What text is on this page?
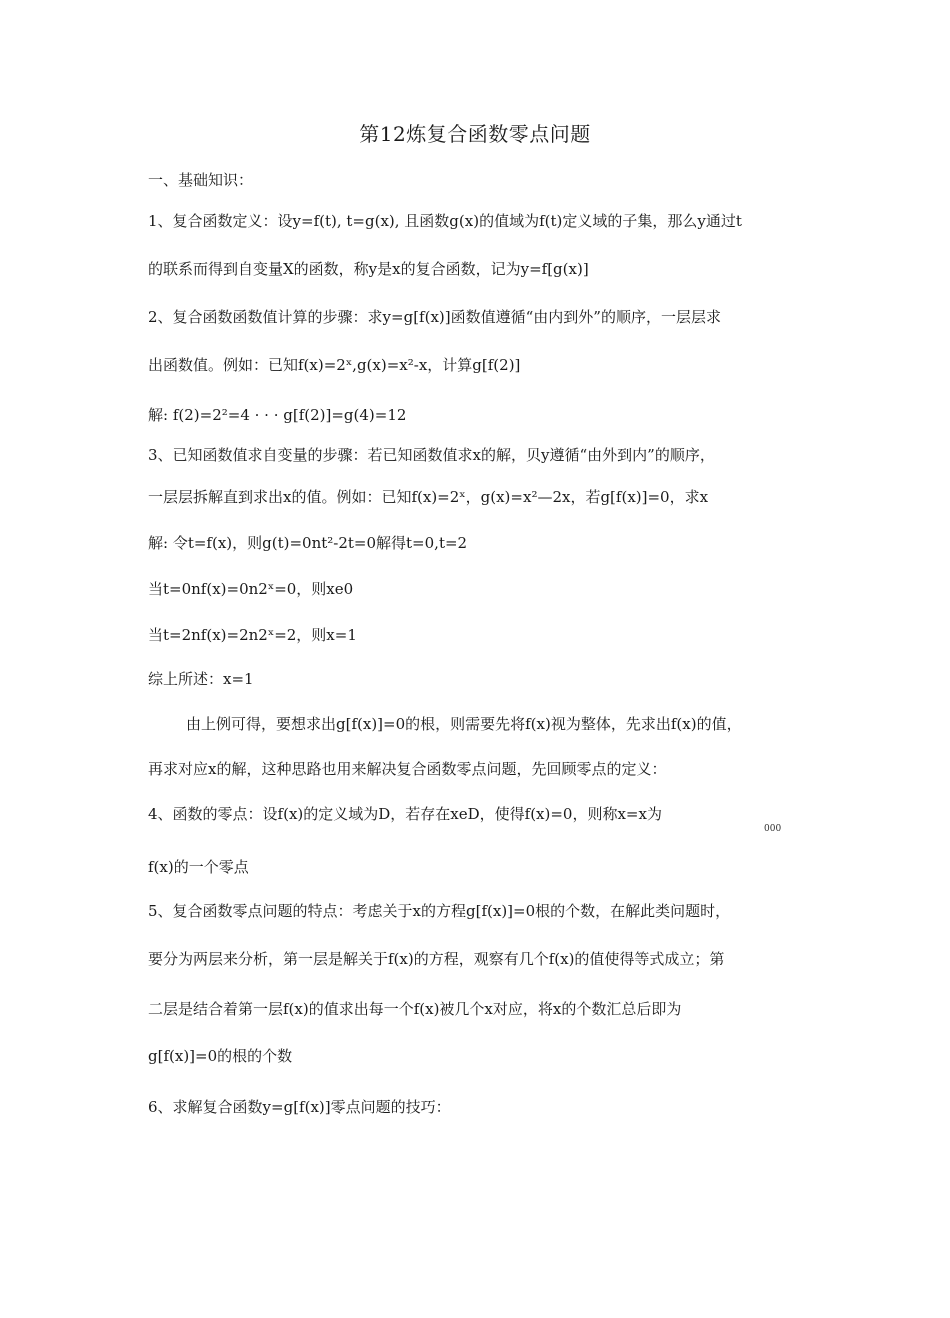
第12炼复合函数零点问题
一、基础知识：
1、复合函数定义：设y=f(t), t=g(x), 且函数g(x)的值域为f(t)定义域的子集，那么y通过t
的联系而得到自变量X的函数，称y是x的复合函数，记为y=f[g(x)]
2、复合函数函数值计算的步骤：求y=g[f(x)]函数值遵循“由内到外”的顺序，一层层求
出函数值。例如：已知f(x)=2ˣ,g(x)=x²-x，计算g[f(2)]
解: f(2)=2²=4 · · · g[f(2)]=g(4)=12
3、已知函数值求自变量的步骤：若已知函数值求x的解，贝y遵循“由外到内”的顺序，
一层层拆解直到求出x的值。例如：已知f(x)=2ˣ，g(x)=x²—2x，若g[f(x)]=0，求x
解: 令t=f(x)，则g(t)=0nt²-2t=0解得t=0,t=2
当t=0nf(x)=0n2ˣ=0，则xe0
当t=2nf(x)=2n2ˣ=2，则x=1
综上所述：x=1
由上例可得，要想求出g[f(x)]=0的根，则需要先将f(x)视为整体，先求出f(x)的值，
再求对应x的解，这种思路也用来解决复合函数零点问题，先回顾零点的定义：
4、函数的零点：设f(x)的定义域为D，若存在xeD，使得f(x)=0，则称x=x为
000
f(x)的一个零点
5、复合函数零点问题的特点：考虑关于x的方程g[f(x)]=0根的个数，在解此类问题时，
要分为两层来分析，第一层是解关于f(x)的方程，观察有几个f(x)的值使得等式成立；第
二层是结合着第一层f(x)的值求出每一个f(x)被几个x对应，将x的个数汇总后即为
g[f(x)]=0的根的个数
6、求解复合函数y=g[f(x)]零点问题的技巧：
